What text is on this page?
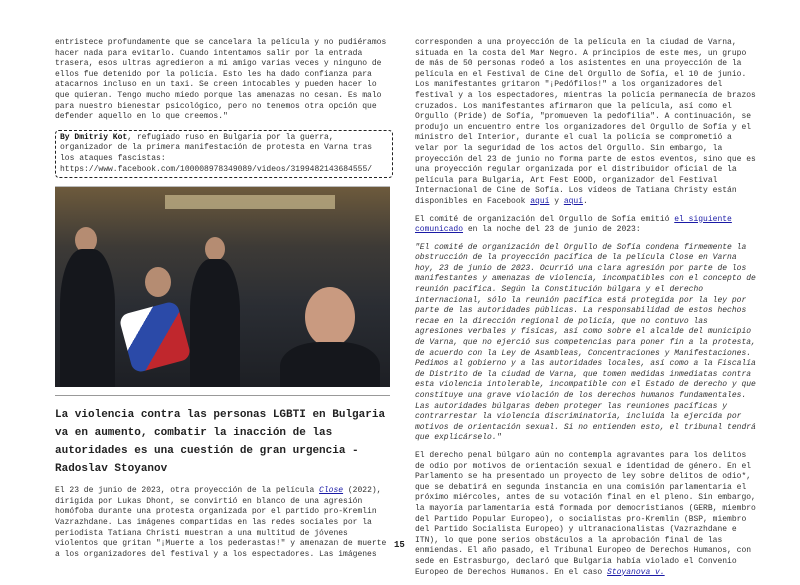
entristece profundamente que se cancelara la película y no pudiéramos hacer nada para evitarlo. Cuando intentamos salir por la entrada trasera, esos ultras agredieron a mi amigo varias veces y ninguno de ellos fue detenido por la policía. Esto les ha dado confianza para atacarnos incluso en un taxi. Se creen intocables y pueden hacer lo que quieran. Tengo mucho miedo porque las amenazas no cesan. Es malo para nuestro bienestar psicológico, pero no tenemos otra opción que defender aquello en lo que creemos."

By Dmitriy Kot, refugiado ruso en Bulgaria por la guerra, organizador de la primera manifestación de protesta en Varna tras los ataques fascistas:
https://www.facebook.com/100008978349089/videos/3199482143684555/
La violencia contra las personas LGBTI en Bulgaria va en aumento, combatir la inacción de las autoridades es una cuestión de gran urgencia - Radoslav Stoyanov

El 23 de junio de 2023, otra proyección de la película Close (2022), dirigida por Lukas Dhont, se convirtió en blanco de una agresión homófoba durante una protesta organizada por el partido pro-Kremlin Vazrazhdane. Las imágenes compartidas en las redes sociales por la periodista Tatiana Christi muestran a una multitud de jóvenes violentos que gritan "¡Muerte a los pederastas!" y amenazan de muerte a los organizadores del festival y a los espectadores. Las imágenes

corresponden a una proyección de la película en la ciudad de Varna, situada en la costa del Mar Negro. A principios de este mes, un grupo de más de 50 personas rodeó a los asistentes en una proyección de la película en el Festival de Cine del Orgullo de Sofía, el 10 de junio. Los manifestantes gritaron "¡Pedófilos!" a los organizadores del festival y a los espectadores, mientras la policía permanecía de brazos cruzados. Los manifestantes afirmaron que la película, así como el Orgullo (Pride) de Sofía, "promueven la pedofilia". A continuación, se produjo un encuentro entre los organizadores del Orgullo de Sofía y el ministro del Interior, durante el cual la policía se comprometió a velar por la seguridad de los actos del Orgullo. Sin embargo, la proyección del 23 de junio no forma parte de estos eventos, sino que es una proyección regular organizada por el distribuidor oficial de la película para Bulgaria, Art Fest EOOD, organizador del Festival Internacional de Cine de Sofía. Los vídeos de Tatiana Christy están disponibles en Facebook aquí y aquí.

El comité de organización del Orgullo de Sofía emitió el siguiente comunicado en la noche del 23 de junio de 2023:

"El comité de organización del Orgullo de Sofía condena firmemente la obstrucción de la proyección pacífica de la película Close en Varna hoy, 23 de junio de 2023. Ocurrió una clara agresión por parte de los manifestantes y amenazas de violencia, incompatibles con el concepto de reunión pacífica. Según la Constitución búlgara y el derecho internacional, sólo la reunión pacífica está protegida por la ley por parte de las autoridades públicas. La responsabilidad de estos hechos recae en la dirección regional de policía, que no contuvo las agresiones verbales y físicas, así como sobre el alcalde del municipio de Varna, que no ejerció sus competencias para poner fin a la protesta, de acuerdo con la Ley de Asambleas, Concentraciones y Manifestaciones. Pedimos al gobierno y a las autoridades locales, así como a la Fiscalía de Distrito de la ciudad de Varna, que tomen medidas inmediatas contra esta violencia intolerable, incompatible con el Estado de derecho y que constituye una grave violación de los derechos humanos fundamentales. Las autoridades búlgaras deben proteger las reuniones pacíficas y contrarrestar la violencia discriminatoria, incluida la ejercida por motivos de orientación sexual. Si no entienden esto, el tribunal tendrá que explicárselo."

El derecho penal búlgaro aún no contempla agravantes para los delitos de odio por motivos de orientación sexual e identidad de género. En el Parlamento se ha presentado un proyecto de ley sobre delitos de odio*, que se debatirá en segunda instancia en una comisión parlamentaria el próximo miércoles, antes de su votación final en el pleno. Sin embargo, la mayoría parlamentaria está formada por democristianos (GERB, miembro del Partido Popular Europeo), o socialistas pro-Kremlin (BSP, miembro del Partido Socialista Europeo) y ultranacionalistas (Vazrazhdane e ITN), lo que pone serios obstáculos a la aprobación final de las enmiendas. El año pasado, el Tribunal Europeo de Derechos Humanos, con sede en Estrasburgo, declaró que Bulgaria había violado el Convenio Europeo de Derechos Humanos. En el caso Stoyanova v.

15
